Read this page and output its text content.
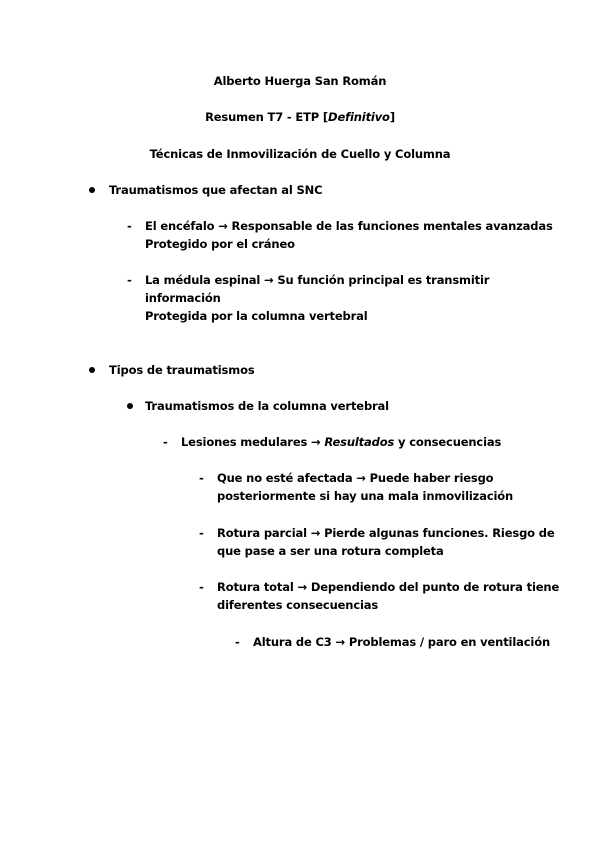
Alberto Huerga San Román
Resumen T7 - ETP [Definitivo]
Técnicas de Inmovilización de Cuello y Columna
Traumatismos que afectan al SNC
- El encéfalo → Responsable de las funciones mentales avanzadas
Protegido por el cráneo
- La médula espinal → Su función principal es transmitir
información
Protegida por la columna vertebral
Tipos de traumatismos
Traumatismos de la columna vertebral
- Lesiones medulares → Resultados y consecuencias
- Que no esté afectada → Puede haber riesgo
posteriormente si hay una mala inmovilización
- Rotura parcial → Pierde algunas funciones. Riesgo de
que pase a ser una rotura completa
- Rotura total → Dependiendo del punto de rotura tiene
diferentes consecuencias
- Altura de C3 → Problemas / paro en ventilación
